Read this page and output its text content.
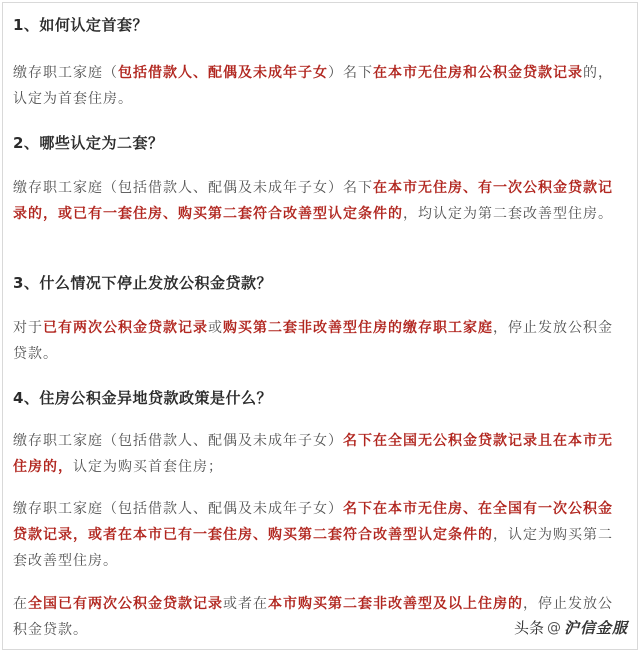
1、如何认定首套？
缴存职工家庭（包括借款人、配偶及未成年子女）名下在本市无住房和公积金贷款记录的，认定为首套住房。
2、哪些认定为二套？
缴存职工家庭（包括借款人、配偶及未成年子女）名下在本市无住房、有一次公积金贷款记录的，或已有一套住房、购买第二套符合改善型认定条件的，均认定为第二套改善型住房。
3、什么情况下停止发放公积金贷款？
对于已有两次公积金贷款记录或购买第二套非改善型住房的缴存职工家庭，停止发放公积金贷款。
4、住房公积金异地贷款政策是什么？
缴存职工家庭（包括借款人、配偶及未成年子女）名下在全国无公积金贷款记录且在本市无住房的，认定为购买首套住房；
缴存职工家庭（包括借款人、配偶及未成年子女）名下在本市无住房、在全国有一次公积金贷款记录，或者在本市已有一套住房、购买第二套符合改善型认定条件的，认定为购买第二套改善型住房。
在全国已有两次公积金贷款记录或者在本市购买第二套非改善型及以上住房的，停止发放公积金贷款。	头条 @ 沪信金服
